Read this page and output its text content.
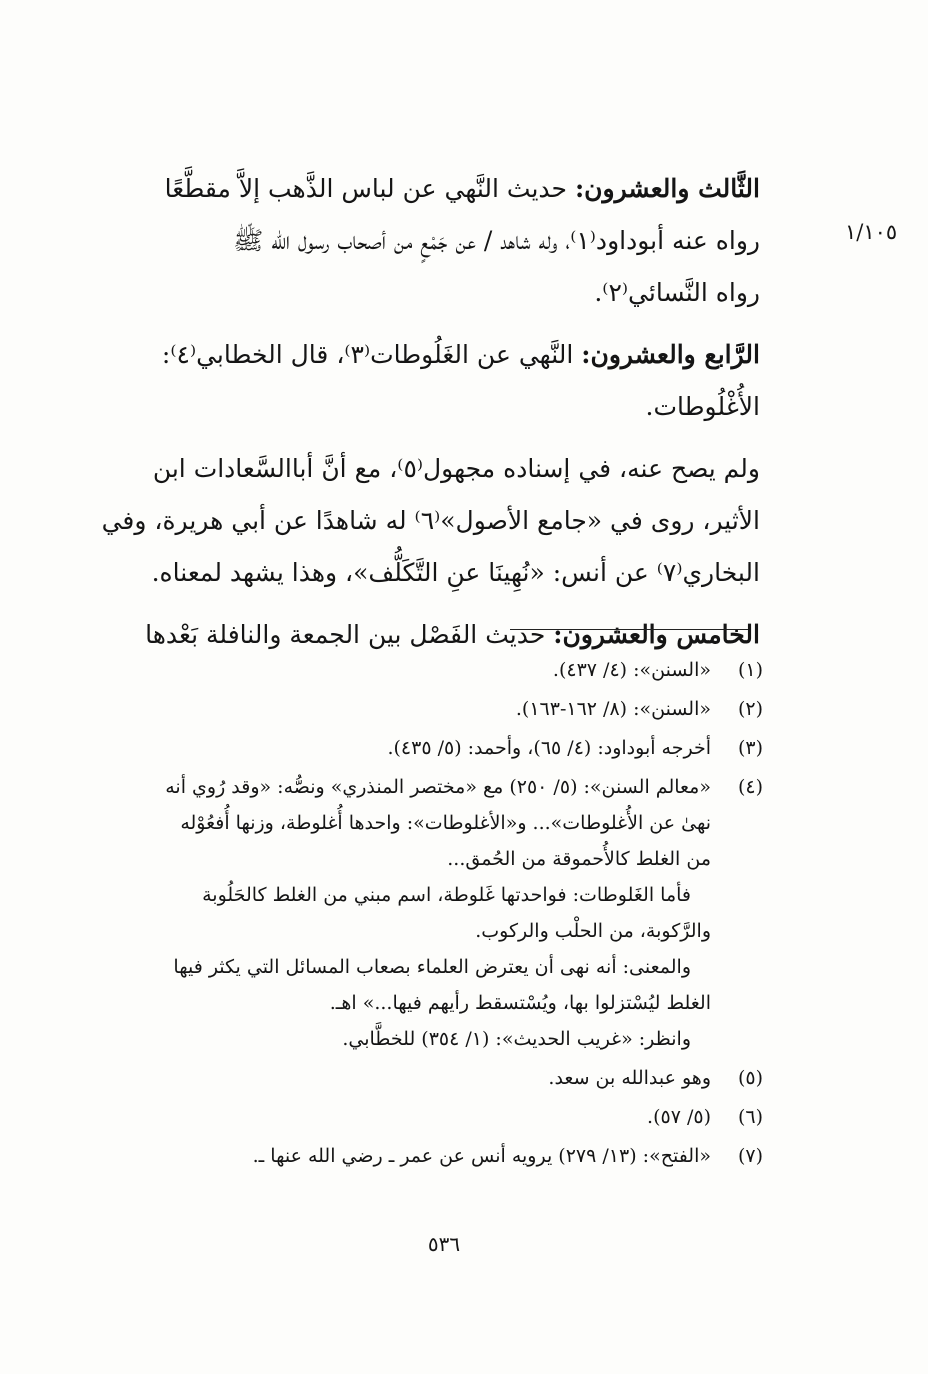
١/١٠٥

الثَّالث والعشرون: حديث النَّهي عن لباس الذَّهب إلاَّ مقطَّعًا
رواه عنه أبوداود⁽١⁾، وله شاهد / عن جَمْعٍ من أصحاب رسول الله ﷺ
رواه النَّسائي⁽٢⁾.

الرَّابع والعشرون: النَّهي عن الغَلُوطات⁽٣⁾، قال الخطابي⁽٤⁾:
الأُغْلُوطات.

ولم يصح عنه، في إسناده مجهول⁽٥⁾، مع أنَّ أباالسَّعادات ابن
الأثير، روى في «جامع الأصول»⁽٦⁾ له شاهدًا عن أبي هريرة، وفي
البخاري⁽٧⁾ عن أنس: «نُهِينَا عنِ التَّكَلُّف»، وهذا يشهد لمعناه.

الخامس والعشرون: حديث الفَصْل بين الجمعة والنافلة بَعْدها

(١)
«السنن»: (٤/ ٤٣٧).
(٢)
«السنن»: (٨/ ١٦٢-١٦٣).
(٣)
أخرجه أبوداود: (٤/ ٦٥)، وأحمد: (٥/ ٤٣٥).
(٤)
«معالم السنن»: (٥/ ٢٥٠) مع «مختصر المنذري» ونصُّه: «وقد رُوي أنه
نهىٰ عن الأُغلوطات»... و«الأغلوطات»: واحدها أُغلوطة، وزنها أُفعُوْله
من الغلط كالأُحموقة من الحُمق...
فأما الغَلوطات: فواحدتها غَلوطة، اسم مبني من الغلط كالحَلُوبة
والرَّكوبة، من الحلْب والركوب.
والمعنى: أنه نهى أن يعترض العلماء بصعاب المسائل التي يكثر فيها
الغلط ليُسْتزلوا بها، ويُسْتسقط رأيهم فيها...» اهـ.
وانظر: «غريب الحديث»: (١/ ٣٥٤) للخطَّابي.
(٥)
وهو عبدالله بن سعد.
(٦)
(٥/ ٥٧).
(٧)
«الفتح»: (١٣/ ٢٧٩) يرويه أنس عن عمر ـ رضي الله عنها ـ.
٥٣٦
